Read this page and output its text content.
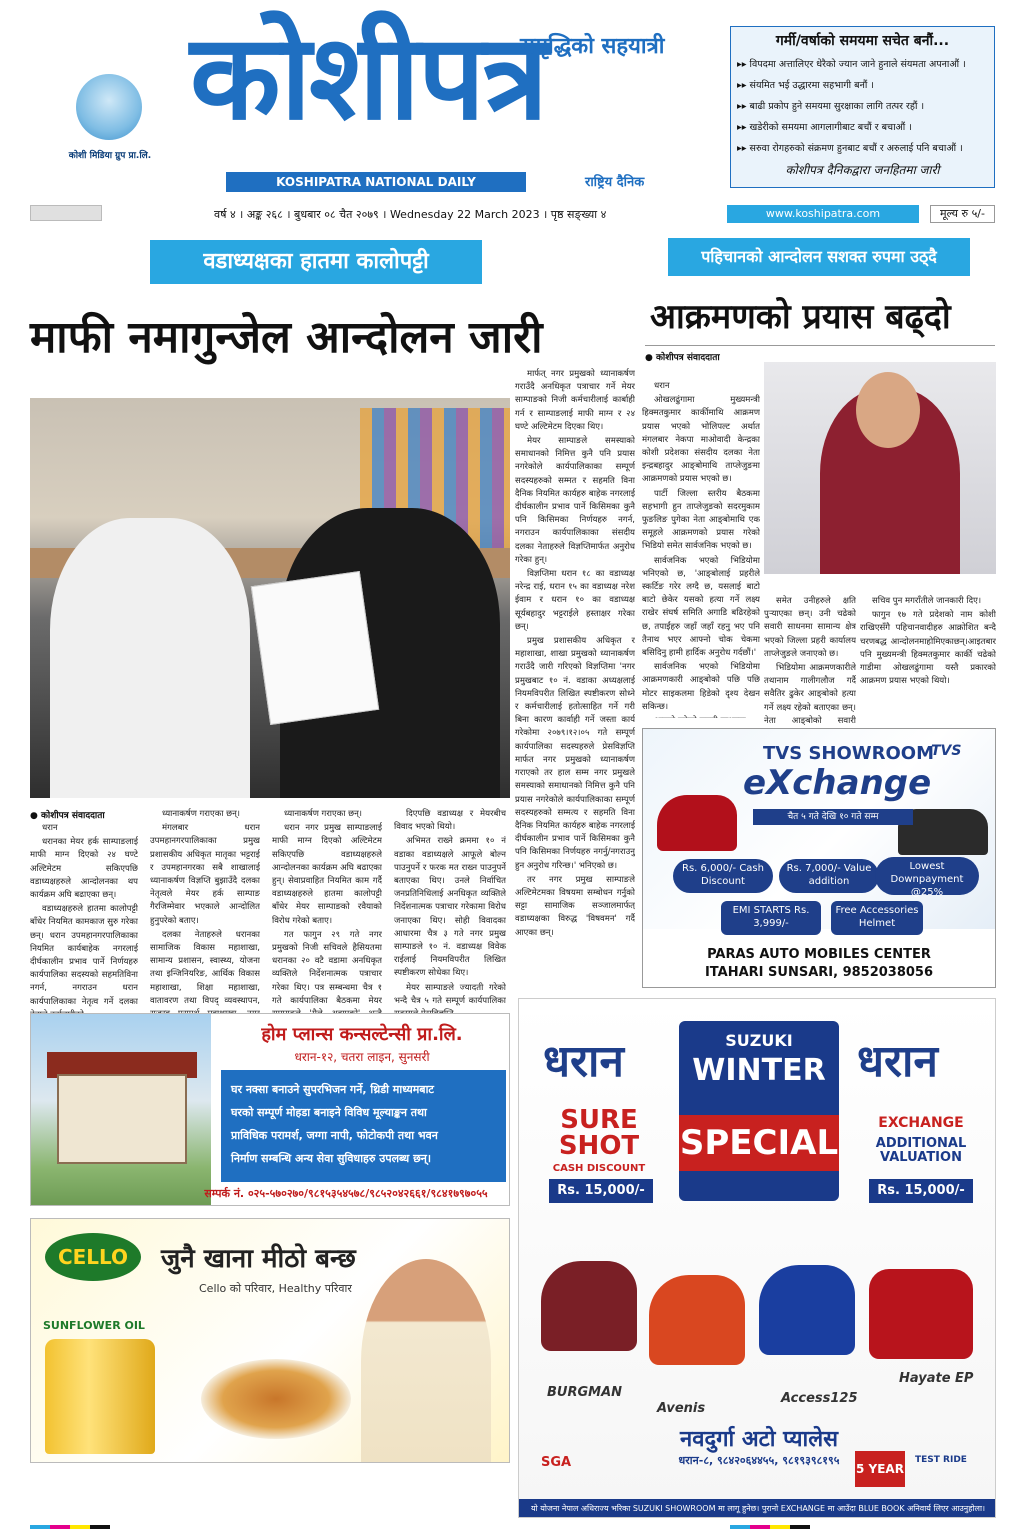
कोशी मिडिया ग्रुप प्रा.लि.
कोशीपत्र
समृद्धिको सहयात्री
KOSHIPATRA NATIONAL DAILY	राष्ट्रिय दैनिक
गर्मी/वर्षाको समयमा सचेत बनौं...
▸▸ विपदमा अत्तालिएर धेरैको ज्यान जाने हुनाले संयमता अपनाऔं ।
▸▸ संयमित भई उद्धारमा सहभागी बनौं ।
▸▸ बाढी प्रकोप हुने समयमा सुरक्षाका लागि तत्पर रहौं ।
▸▸ खडेरीको समयमा आगलागीबाट बचौं र बचाऔं ।
▸▸ सरुवा रोगहरुको संक्रमण हुनबाट बचौं र अरुलाई पनि बचाऔं ।
कोशीपत्र दैनिकद्वारा जनहितमा जारी
वर्ष ४ । अङ्क २६८ । बुधबार ०८ चैत २०७९ । Wednesday 22 March 2023 । पृष्ठ सङ्ख्या ४	www.koshipatra.com	मूल्य रु ५/-
वडाध्यक्षका हातमा कालोपट्टी	पहिचानको आन्दोलन सशक्त रुपमा उठ्दै
माफी नमागुन्जेल आन्दोलन जारी	आक्रमणको प्रयास बढ्दो
● कोशीपत्र संवाददाता

मार्फत् नगर प्रमुखको ध्यानाकर्षण गराउँदै अनधिकृत पत्राचार गर्ने मेयर साम्पाङको निजी कर्मचारीलाई कार्बाही गर्न र साम्पाङलाई माफी माग्न र २४ घण्टे अल्टिमेटम दिएका थिए।

मेयर साम्पाङले समस्याको समाधानको निमित्त कुनै पनि प्रयास नगरेकोले कार्यपालिकाका सम्पूर्ण सदस्यहरुको सम्मत र सहमति विना दैनिक नियमित कार्यहरु बाहेक नगरलाई दीर्घकालीन प्रभाव पार्ने किसिमका कुनै पनि किसिमका निर्णयहरु नगर्न, नगराउन कार्यपालिकाका संसदीय दलका नेताहरुले विज्ञप्तिमार्फत अनुरोध गरेका हुन्।

विज्ञप्तिमा धरान १८ का वडाध्यक्ष नरेन्द्र राई, धरान १५ का वडाध्यक्ष नरेश ईवाम र धरान १० का वडाध्यक्ष सूर्यबहादुर भट्टराईले हस्ताक्षर गरेका छन्।

प्रमुख प्रशासकीय अधिकृत र महाशाखा, शाखा प्रमुखको ध्यानाकर्षण गराउँदै जारी गरिएको विज्ञप्तिमा 'नगर प्रमुखबाट १० नं. वडाका अध्यक्षलाई नियमविपरीत लिखित स्पष्टीकरण सोध्ने र कर्मचारीलाई हतोत्साहित गर्ने गरी बिना कारण कार्वाही गर्ने जस्ता कार्य गरेकोमा २०७९।१२।०५ गते सम्पूर्ण कार्यपालिका सदस्यहरुले प्रेसविज्ञप्ति मार्फत नगर प्रमुखको ध्यानाकर्षण गराएको तर हाल सम्म नगर प्रमुखले समस्याको समाधानको निमित्त कुनै पनि प्रयास नगरेकोले कार्यपालिकाका सम्पूर्ण सदस्यहरुको सम्मत्य र सहमति विना दैनिक नियमित कार्यहरु बाहेक नगरलाई दीर्घकालीन प्रभाव पार्ने किसिमका कुनै पनि किसिमका निर्णयहरु नगर्नु/नगराउनु हुन अनुरोध गरिन्छ।' भनिएको छ।

तर नगर प्रमुख साम्पाङले अल्टिमेटमका विषयमा सम्बोधन गर्नुको सट्टा सामाजिक सञ्जालमार्फत् वडाध्यक्षका विरुद्ध 'विषवमन' गर्दै आएका छन्।

धरान

ओखलढुंगामा मुख्यमन्त्री हिक्मतकुमार कार्कीमाथि आक्रमण प्रयास भएको भोलिपल्ट अर्थात मंगलबार नेकपा माओवादी केन्द्रका कोशी प्रदेशका संसदीय दलका नेता इन्द्रबहादुर आङ्बोमाथि ताप्लेजुङमा आक्रमणको प्रयास भएको छ।

पार्टी जिल्ला स्तरीय बैठकमा सहभागी हुन ताप्लेजुङको सदरमुकाम फुङलिङ पुगेका नेता आङ्बोमाथि एक समूहले आक्रमणको प्रयास गरेको भिडियो समेत सार्वजनिक भएको छ।

सार्वजनिक भएको भिडियोमा भनिएको छ, 'आङ्बोलाई प्रहरीले स्कर्टिङ गरेर लग्दै छ, यसलाई बाटो बाटो छेकेर यसको हत्या गर्ने लक्ष्य राखेर संघर्ष समिति अगाडि बढिरहेको छ, तपाईंहरु जहाँ जहाँ रहनु भए पनि तैनाथ भएर आफ्नो चोक चेकमा बसिदिनु हामी हार्दिक अनुरोध गर्दछौं।'

सार्वजनिक भएको भिडियोमा आक्रमणकारी आङ्बोको पछि पछि मोटर साइकलमा हिडेको दृश्य देखन सकिन्छ।

समेत उनीहरुले क्षति पुऱ्याएका छन्। उनी चढेको सवारी साधनमा सामान्य क्षेत्र भएको जिल्ला प्रहरी कार्यालय ताप्लेजुङले जनाएको छ।

भिडियोमा आक्रमणकारीले तथानाम गालीगलौज गर्दै सवैतिर ढुकेर आङ्बोको हत्या गर्ने लक्ष्य रहेको बताएका छन्। नेता आङ्बोको सवारी

सचिव पुन मगराँतीले जानकारी दिए।

फागुन १७ गते प्रदेशको नाम कोशी राखिएसँगै पहिचानवादीहरु आक्रोशित बन्दै चरणबद्ध आन्दोलनमाहोमिएकाछन्।आइतबार पनि मुख्यमन्त्री हिक्मतकुमार कार्की चढेको गाडीमा ओखलढुंगामा यस्तै प्रकारको आक्रमण प्रयास भएको थियो।

● कोशीपत्र संवाददाता

धरान

धरानका मेयर हर्क साम्पाङलाई माफी माग्न दिएको २४ घण्टे अल्टिमेटम सकिएपछि वडाध्यक्षहरुले आन्दोलनका थप कार्यक्रम अघि बढाएका छन्।

वडाध्यक्षहरुले हातमा कालोपट्टी बाँधेर नियमित कामकाज सुरु गरेका छन्। धरान उपमहानगरपालिकाका नियमित कार्यबाहेक नगरलाई दीर्घकालीन प्रभाव पार्ने निर्णयहरु कार्यपालिका सदस्यको सहमतिविना नगर्न, नगराउन धरान कार्यपालिकाका नेतृत्व गर्ने दलका

ध्यानाकर्षण गराएका छन्।

मंगलबार धरान उपमहानगरपालिकाका प्रमुख प्रशासकीय अधिकृत मातृका भट्टराई र उपमहानगरका सबै शाखालाई ध्यानाकर्षण विज्ञप्ति बुझाउँदै दलका नेतृत्वले मेयर हर्क साम्पाङ गैरजिम्मेवार भएकाले आन्दोलित हुनुपरेको बताए।

दलका नेताहरुले धरानका सामाजिक विकास महाशाखा, सामान्य प्रशासन, स्वास्थ्य, योजना तथा इन्जिनियरिङ, आर्थिक विकास महाशाखा, शिक्षा महाशाखा, वातावरण तथा विपद् व्यवस्थापन,

ध्यानाकर्षण गराएका छन्।

धरान नगर प्रमुख साम्पाङलाई माफी माग्न दिएको अल्टिमेटम सकिएपछि वडाध्यक्षहरुले आन्दोलनका कार्यक्रम अघि बढाएका हुन्। सेवाप्रवाहित नियमित काम गर्दै वडाध्यक्षहरुले हातमा कालोपट्टी बाँधेर मेयर साम्पाङको रवैयाको विरोध गरेको बताए।

गत फागुन २९ गते नगर प्रमुखको निजी सचिवले हैसियतमा धरानका २० वटै वडामा अनधिकृत व्यक्तिले निर्देशनात्मक पत्राचार गरेका थिए। पत्र सम्बन्धमा चैत्र १ गते कार्यपालिका बैठकमा मेयर

दिएपछि वडाध्यक्ष र मेयरबीच विवाद भएको थियो।

अभिमत राख्ने क्रममा १० नं वडाका वडाध्यक्षले आफूले बोल्न पाउनुपर्ने र फरक मत राख्न पाउनुपर्ने बताएका थिए। उनले निर्वाचित जनप्रतिनिधिलाई अनधिकृत व्यक्तिले निर्देशनात्मक पत्राचार गरेकामा विरोध जनाएका थिए। सोही विवादका आधारमा चैत्र ३ गते नगर प्रमुख साम्पाङले १० नं. वडाध्यक्ष विवेक राईलाई नियमविपरीत लिखित स्पष्टीकरण सोधेका थिए।

मेयर साम्पाङले ज्यादती गरेको भन्दै चैत्र ५ गते सम्पूर्ण कार्यपालिका

TVS SHOWROOM
TVS
eXchange
चैत ५ गते देखि १० गते सम्म
Rs. 6,000/- Cash Discount
Rs. 7,000/- Value addition
Lowest Downpayment @25%
EMI STARTS Rs. 3,999/-
Free Accessories Helmet
PARAS AUTO MOBILES CENTER
ITAHARI SUNSARI, 9852038056
होम प्लान्स कन्सल्टेन्सी प्रा.लि.
धरान-१२, चतरा लाइन, सुनसरी
घर नक्सा बनाउने सुपरभिजन गर्ने, थ्रिडी माध्यमबाट
घरको सम्पूर्ण मोहडा बनाइने विविध मूल्याङ्कन तथा
प्राविधिक परामर्श, जग्गा नापी, फोटोकपी तथा भवन
निर्माण सम्बन्धि अन्य सेवा सुविधाहरु उपलब्ध छन्।
सम्पर्क नं. ०२५-५७०२७०/९८१५३५४५७८/९८५२०४२६६१/९८४१७९७०५५
CELLO
SUNFLOWER OIL
जुनै खाना मीठो बन्छ
Cello को परिवार, Healthy परिवार
धरान	धरान
SUZUKI
WINTER
SPECIAL
SURE SHOT
CASH DISCOUNT
Rs. 15,000/-
EXCHANGE
ADDITIONAL VALUATION
Rs. 15,000/-
BURGMAN
Avenis
Access125
Hayate EP
नवदुर्गा अटो प्यालेस
धरान-८, ९८४२०६४४५५, ९८१९३९८१९५
SGA	5 YEAR
TEST RIDE
यो योजना नेपाल अधिराज्य भरिका SUZUKI SHOWROOM मा लागू हुनेछ। पुरानो EXCHANGE मा आउँदा BLUE BOOK अनिवार्य लिएर आउनुहोला।
